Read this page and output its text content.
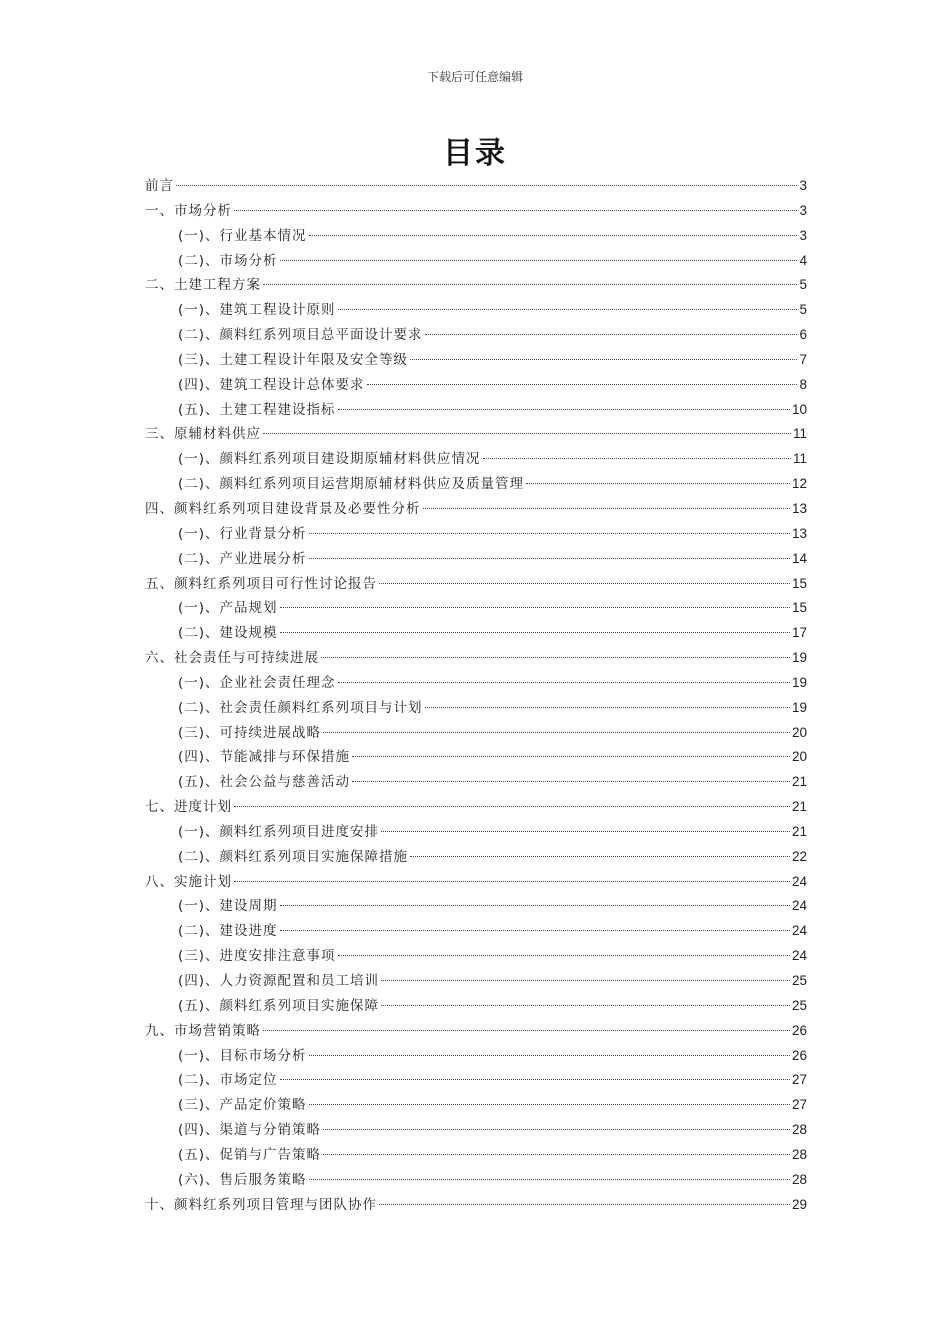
下载后可任意编辑
目录
前言	3
一、市场分析	3
(一)、行业基本情况	3
(二)、市场分析	4
二、土建工程方案	5
(一)、建筑工程设计原则	5
(二)、颜料红系列项目总平面设计要求	6
(三)、土建工程设计年限及安全等级	7
(四)、建筑工程设计总体要求	8
(五)、土建工程建设指标	10
三、原辅材料供应	11
(一)、颜料红系列项目建设期原辅材料供应情况	11
(二)、颜料红系列项目运营期原辅材料供应及质量管理	12
四、颜料红系列项目建设背景及必要性分析	13
(一)、行业背景分析	13
(二)、产业进展分析	14
五、颜料红系列项目可行性讨论报告	15
(一)、产品规划	15
(二)、建设规模	17
六、社会责任与可持续进展	19
(一)、企业社会责任理念	19
(二)、社会责任颜料红系列项目与计划	19
(三)、可持续进展战略	20
(四)、节能减排与环保措施	20
(五)、社会公益与慈善活动	21
七、进度计划	21
(一)、颜料红系列项目进度安排	21
(二)、颜料红系列项目实施保障措施	22
八、实施计划	24
(一)、建设周期	24
(二)、建设进度	24
(三)、进度安排注意事项	24
(四)、人力资源配置和员工培训	25
(五)、颜料红系列项目实施保障	25
九、市场营销策略	26
(一)、目标市场分析	26
(二)、市场定位	27
(三)、产品定价策略	27
(四)、渠道与分销策略	28
(五)、促销与广告策略	28
(六)、售后服务策略	28
十、颜料红系列项目管理与团队协作	29
